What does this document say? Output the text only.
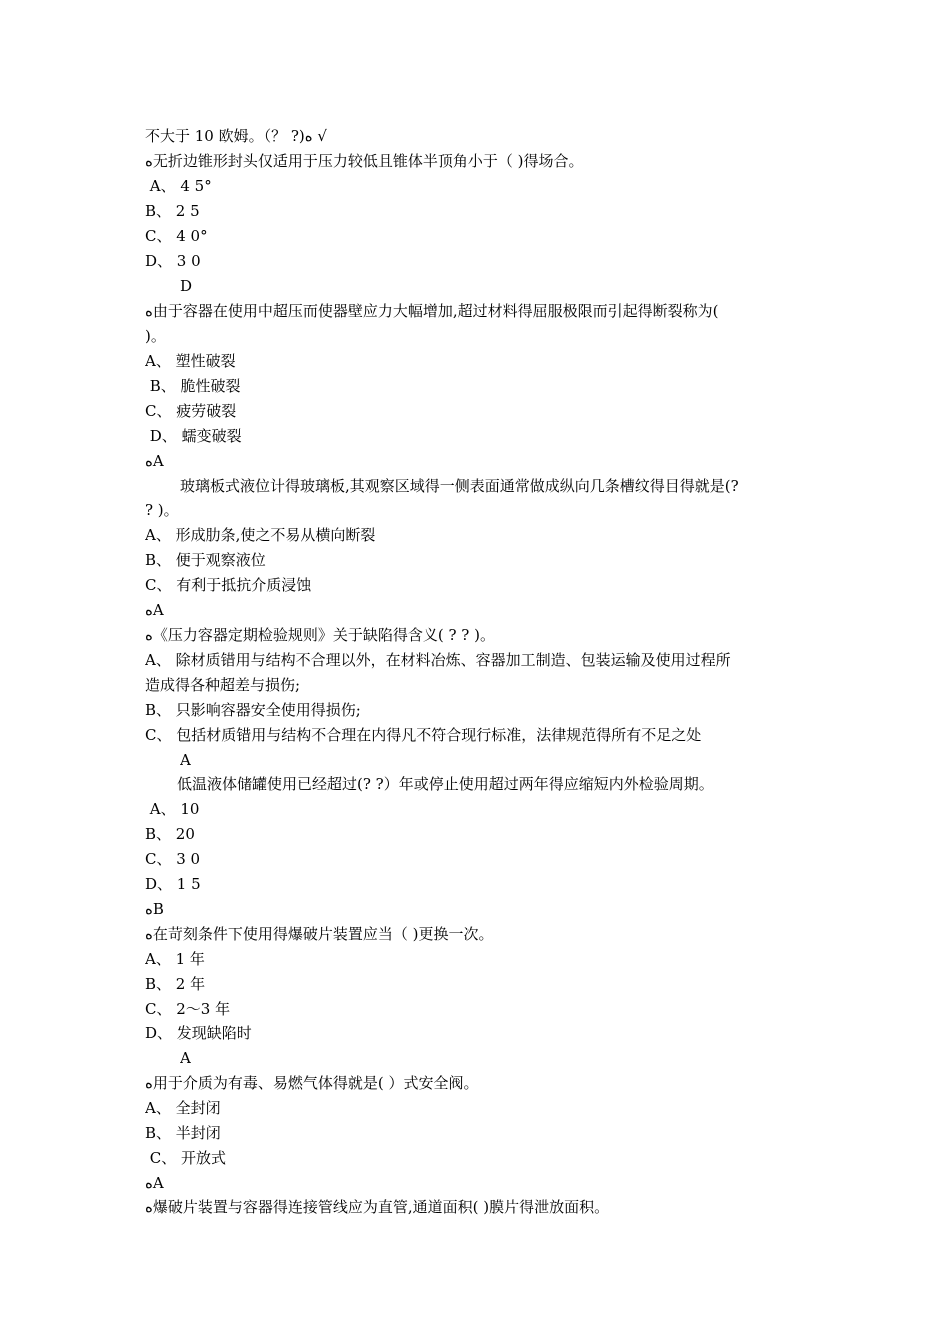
不大于 10 欧姆。（？ ?)ﻩ √
ﻩ无折边锥形封头仅适用于压力较低且锥体半顶角小于（ )得场合。
A、 4 5°
B、 2 5
C、 4 0°
D、 3 0
D
ﻩ由于容器在使用中超压而使器壁应力大幅增加,超过材料得屈服极限而引起得断裂称为(
)。
A、 塑性破裂
B、 脆性破裂
C、 疲劳破裂
D、 蠕变破裂
ﻩA
玻璃板式液位计得玻璃板,其观察区域得一侧表面通常做成纵向几条槽纹得目得就是(?
? )。
A、 形成肋条,使之不易从横向断裂
B、 便于观察液位
C、 有利于抵抗介质浸蚀
ﻩA
ﻩ《压力容器定期检验规则》关于缺陷得含义( ? ? )。
A、 除材质错用与结构不合理以外，在材料冶炼、容器加工制造、包装运输及使用过程所
造成得各种超差与损伤;
B、 只影响容器安全使用得损伤;
C、 包括材质错用与结构不合理在内得凡不符合现行标准，法律规范得所有不足之处
A
低温液体储罐使用已经超过(? ?）年或停止使用超过两年得应缩短内外检验周期。
A、 10
B、 20
C、 3 0
D、 1 5
ﻩB
ﻩ在苛刻条件下使用得爆破片装置应当（ )更换一次。
A、 1 年
B、 2 年
C、 2～3 年
D、 发现缺陷时
A
ﻩ用于介质为有毒、易燃气体得就是( ）式安全阀。
A、 全封闭
B、 半封闭
C、 开放式
ﻩA
ﻩ爆破片装置与容器得连接管线应为直管,通道面积( )膜片得泄放面积。
